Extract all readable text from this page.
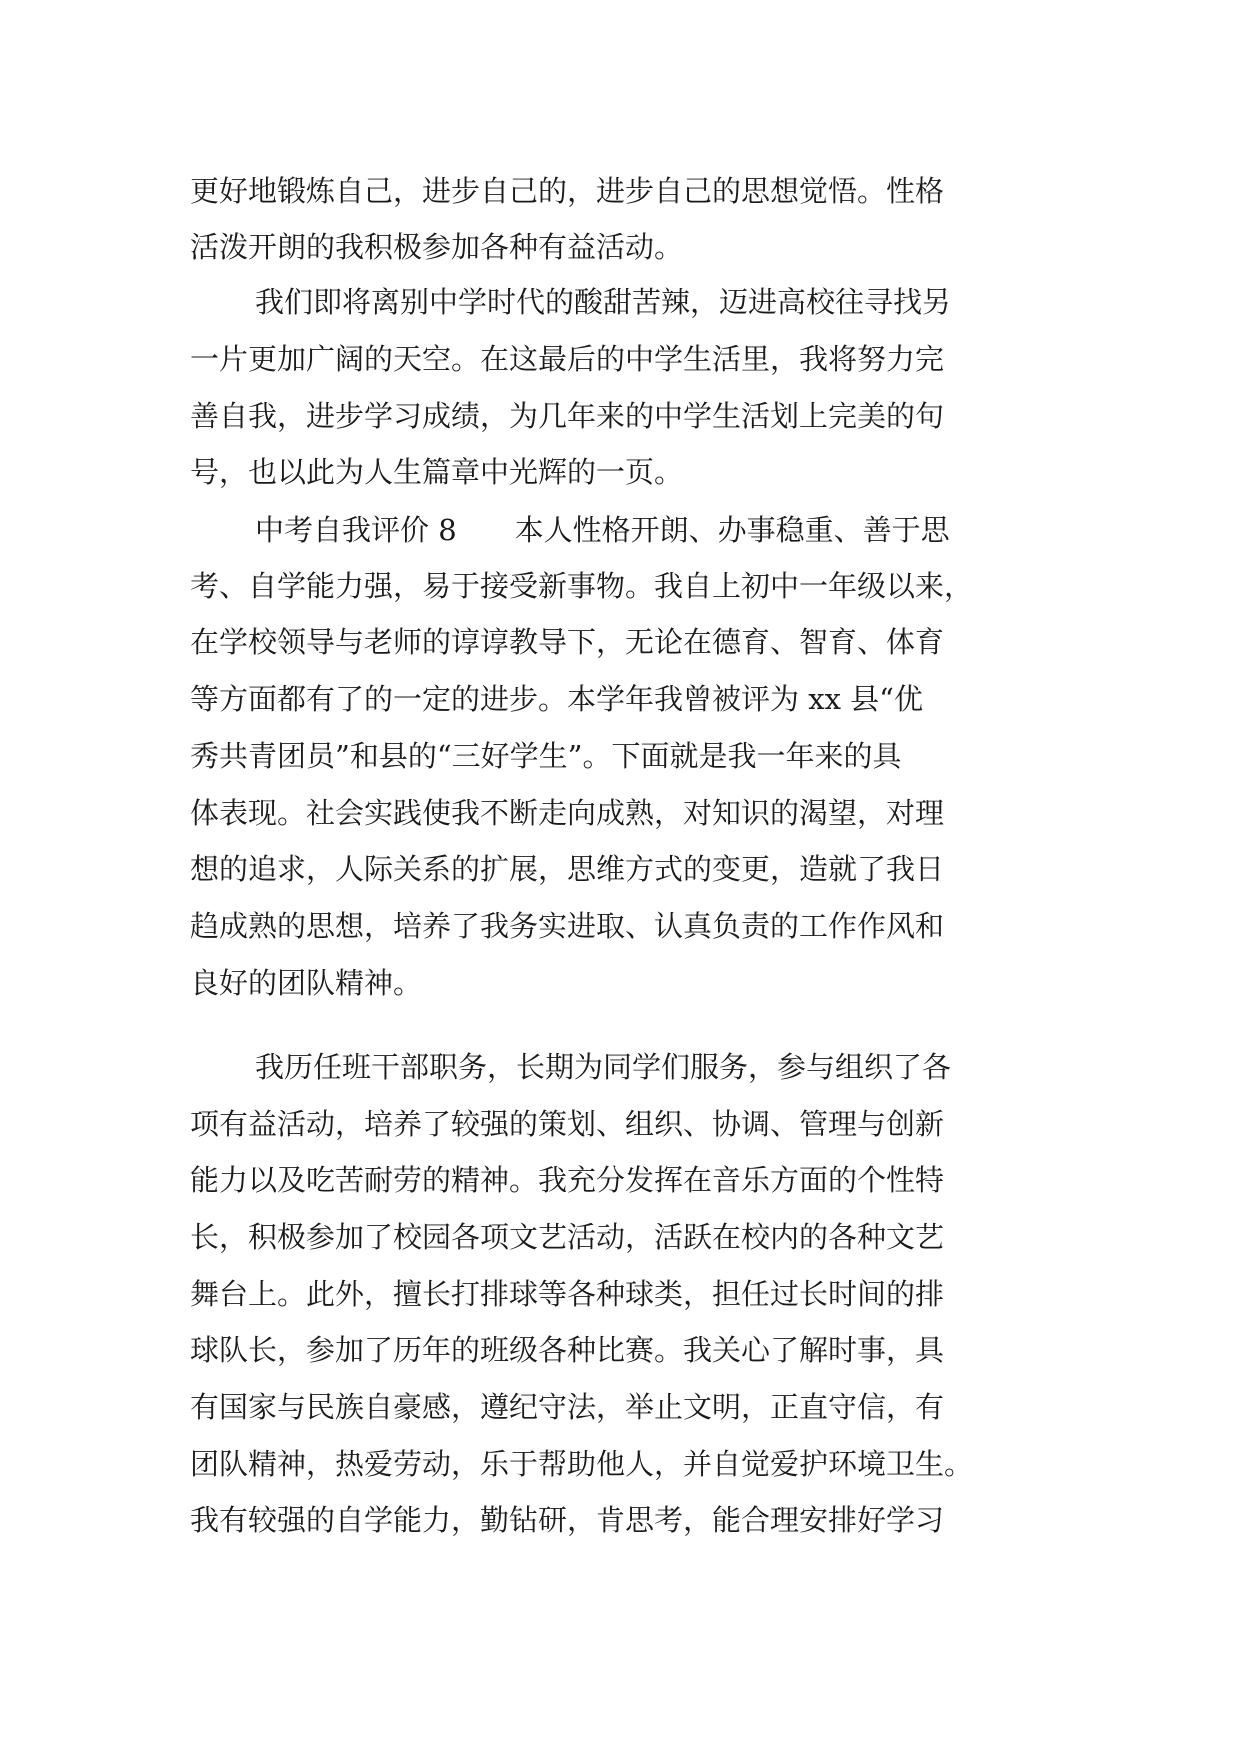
更好地锻炼自己，进步自己的，进步自己的思想觉悟。性格
活泼开朗的我积极参加各种有益活动。
我们即将离别中学时代的酸甜苦辣，迈进高校往寻找另
一片更加广阔的天空。在这最后的中学生活里，我将努力完
善自我，进步学习成绩，为几年来的中学生活划上完美的句
号，也以此为人生篇章中光辉的一页。
中考自我评价 8　　本人性格开朗、办事稳重、善于思
考、自学能力强，易于接受新事物。我自上初中一年级以来，
在学校领导与老师的谆谆教导下，无论在德育、智育、体育
等方面都有了的一定的进步。本学年我曾被评为 xx 县“优
秀共青团员”和县的“三好学生”。下面就是我一年来的具
体表现。社会实践使我不断走向成熟，对知识的渴望，对理
想的追求，人际关系的扩展，思维方式的变更，造就了我日
趋成熟的思想，培养了我务实进取、认真负责的工作作风和
良好的团队精神。
我历任班干部职务，长期为同学们服务，参与组织了各
项有益活动，培养了较强的策划、组织、协调、管理与创新
能力以及吃苦耐劳的精神。我充分发挥在音乐方面的个性特
长，积极参加了校园各项文艺活动，活跃在校内的各种文艺
舞台上。此外，擅长打排球等各种球类，担任过长时间的排
球队长，参加了历年的班级各种比赛。我关心了解时事，具
有国家与民族自豪感，遵纪守法，举止文明，正直守信，有
团队精神，热爱劳动，乐于帮助他人，并自觉爱护环境卫生。
我有较强的自学能力，勤钻研，肯思考，能合理安排好学习
